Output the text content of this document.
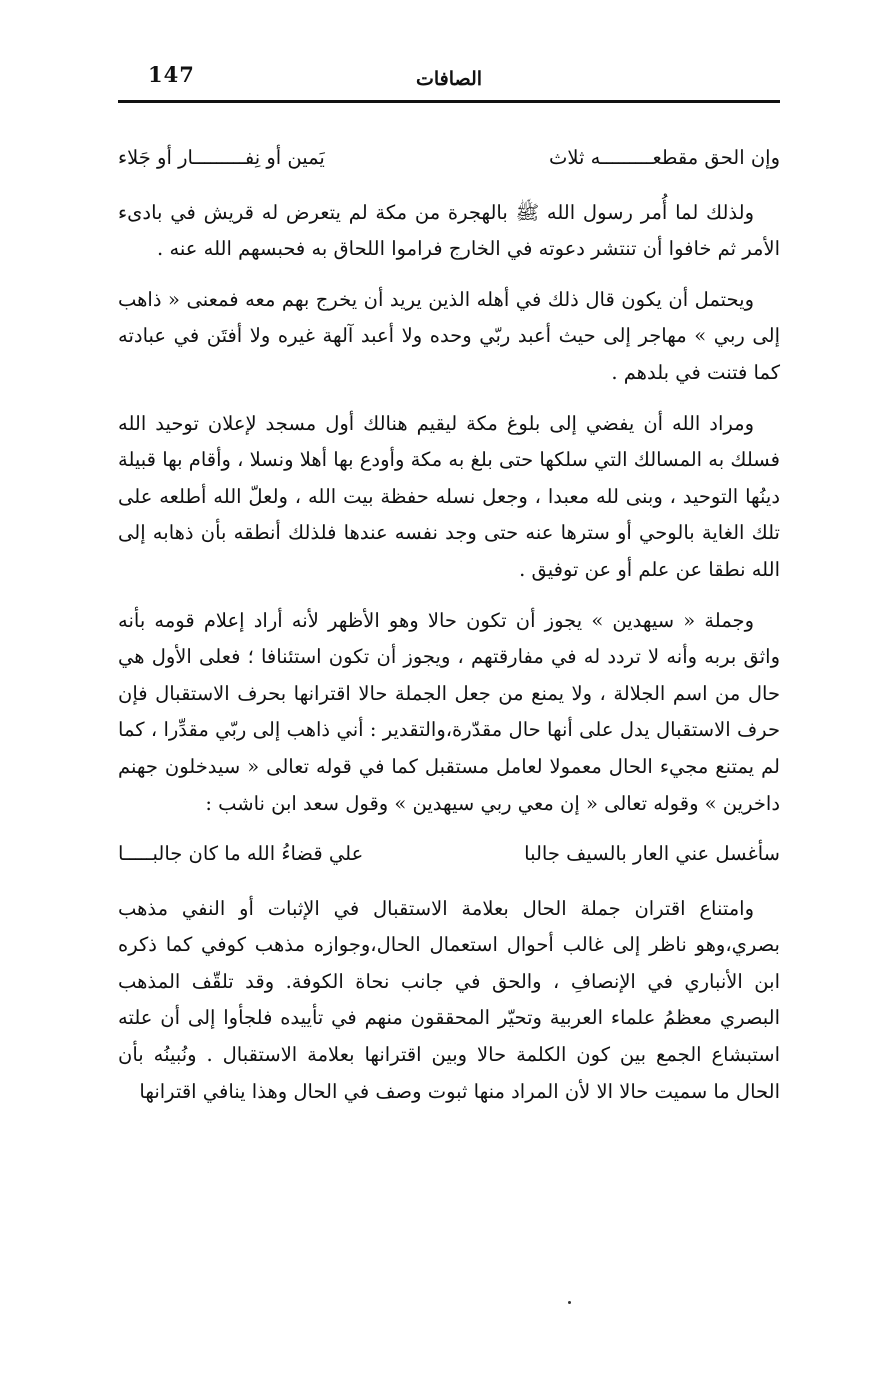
147	الصافات
وإن الحق مقطعـــــــــه ثلاث
يَمين أو نِفـــــــــار أو جَلاء

ولذلك لما أُمر رسول الله ﷺ بالهجرة من مكة لم يتعرض له قريش في بادىء الأمر ثم خافوا أن تنتشر دعوته في الخارج فراموا اللحاق به فحبسهم الله عنه .

ويحتمل أن يكون قال ذلك في أهله الذين يريد أن يخرج بهم معه فمعنى « ذاهب إلى ربي » مهاجر إلى حيث أعبد ربّي وحده ولا أعبد آلهة غيره ولا أفتَن في عبادته كما فتنت في بلدهم .

ومراد الله أن يفضي إلى بلوغ مكة ليقيم هنالك أول مسجد لإعلان توحيد الله فسلك به المسالك التي سلكها حتى بلغ به مكة وأودع بها أهلا ونسلا ، وأقام بها قبيلة دينُها التوحيد ، وبنى لله معبدا ، وجعل نسله حفظة بيت الله ، ولعلّ الله أطلعه على تلك الغاية بالوحي أو سترها عنه حتى وجد نفسه عندها فلذلك أنطقه بأن ذهابه إلى الله نطقا عن علم أو عن توفيق .

وجملة « سيهدين » يجوز أن تكون حالا وهو الأظهر لأنه أراد إعلام قومه بأنه واثق بربه وأنه لا تردد له في مفارقتهم ، ويجوز أن تكون استئنافا ؛ فعلى الأول هي حال من اسم الجلالة ، ولا يمنع من جعل الجملة حالا اقترانها بحرف الاستقبال فإن حرف الاستقبال يدل على أنها حال مقدّرة،والتقدير : أني ذاهب إلى ربّي مقدِّرا ، كما لم يمتنع مجيء الحال معمولا لعامل مستقبل كما في قوله تعالى « سيدخلون جهنم داخرين » وقوله تعالى « إن معي ربي سيهدين » وقول سعد ابن ناشب :

سأغسل عني العار بالسيف جالبا
علي قضاءُ الله ما كان جالبـــــا

وامتناع اقتران جملة الحال بعلامة الاستقبال في الإثبات أو النفي مذهب بصري،وهو ناظر إلى غالب أحوال استعمال الحال،وجوازه مذهب كوفي كما ذكره ابن الأنباري في الإنصافِ ، والحق في جانب نحاة الكوفة. وقد تلقّف المذهب البصري معظمُ علماء العربية وتحيّر المحققون منهم في تأييده فلجأوا إلى أن علته استبشاع الجمع بين كون الكلمة حالا وبين اقترانها بعلامة الاستقبال . ونُبينُه بأن الحال ما سميت حالا الا لأن المراد منها ثبوت وصف في الحال وهذا ينافي اقترانها
